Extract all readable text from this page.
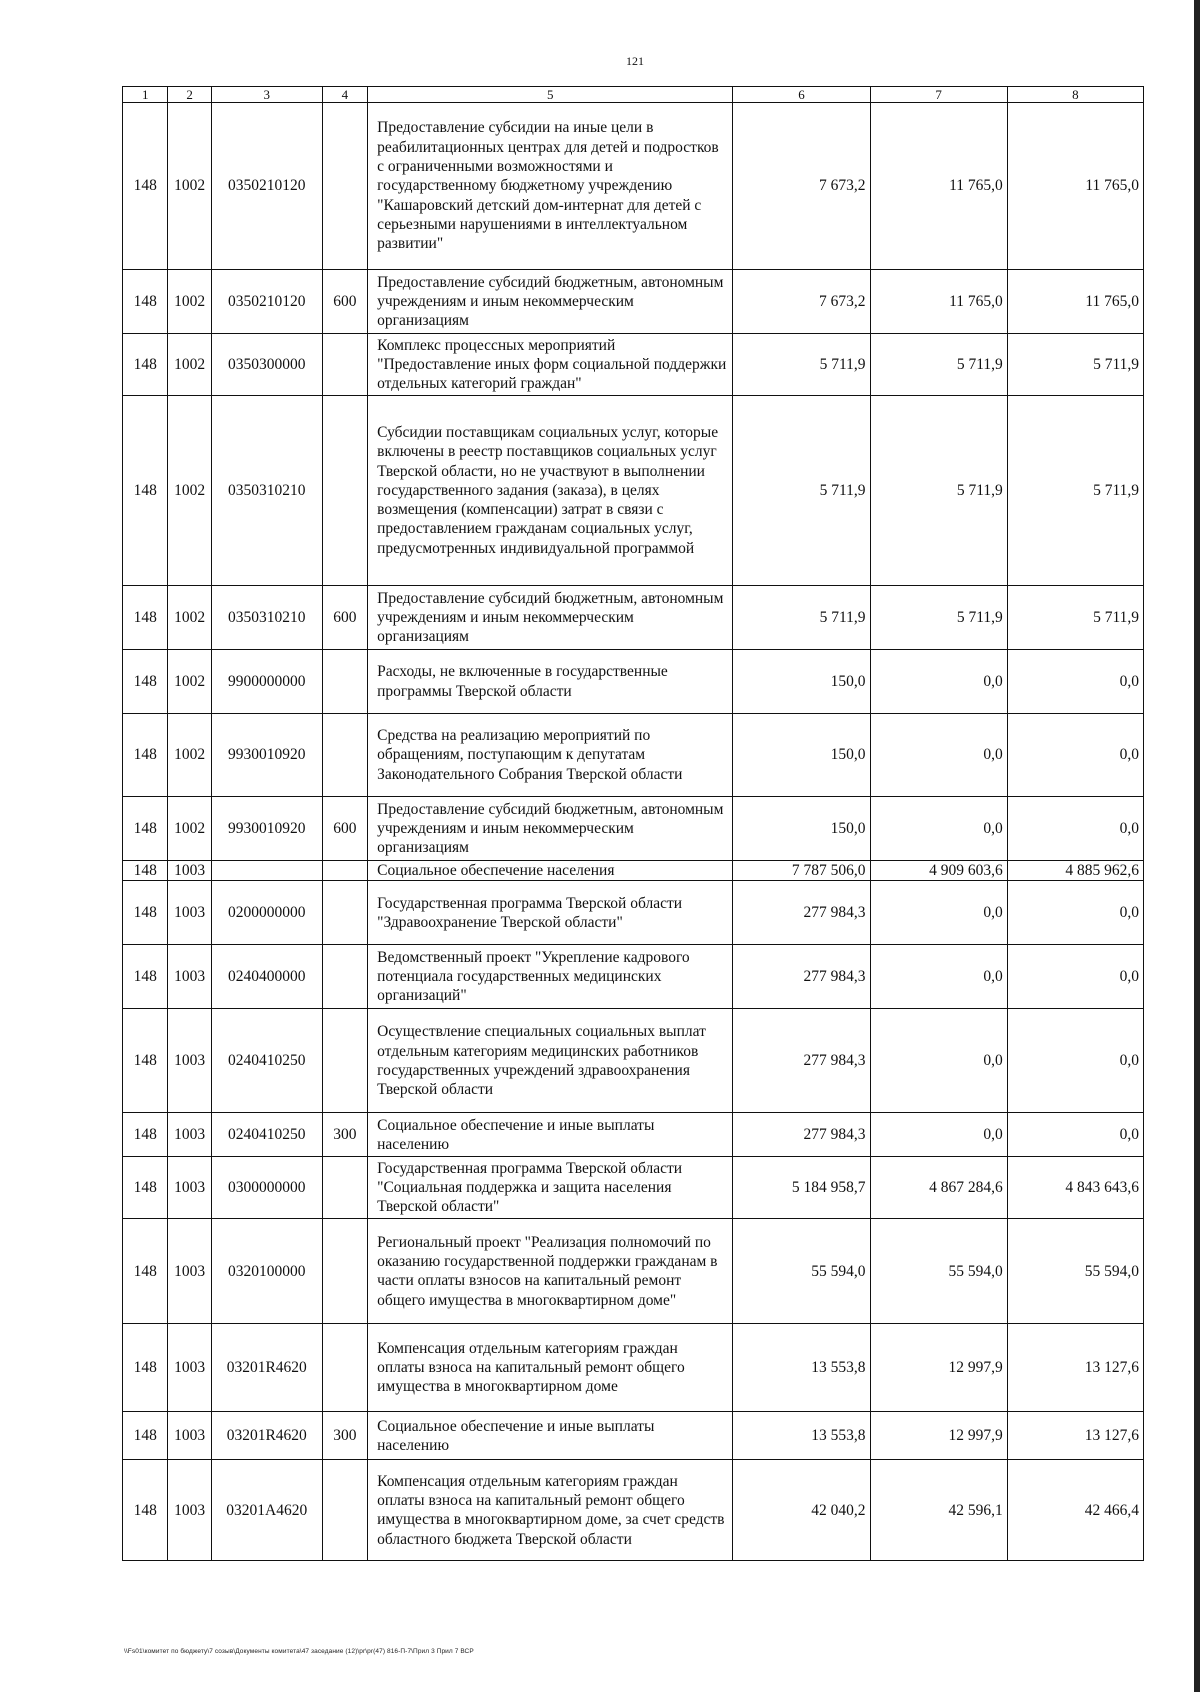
121
1	2	3	4	5	6	7	8
148	1002	0350210120		Предоставление субсидии на иные цели в реабилитационных центрах для детей и подростков с ограниченными возможностями и государственному бюджетному учреждению "Кашаровский детский дом-интернат для детей с серьезными нарушениями в интеллектуальном развитии"	7 673,2	11 765,0	11 765,0
148	1002	0350210120	600	Предоставление субсидий бюджетным, автономным учреждениям и иным некоммерческим организациям	7 673,2	11 765,0	11 765,0
148	1002	0350300000		Комплекс процессных мероприятий "Предоставление иных форм социальной поддержки отдельных категорий граждан"	5 711,9	5 711,9	5 711,9
148	1002	0350310210		Субсидии поставщикам социальных услуг, которые включены в реестр поставщиков социальных услуг Тверской области, но не участвуют в выполнении государственного задания (заказа), в целях возмещения (компенсации) затрат в связи с предоставлением гражданам социальных услуг, предусмотренных индивидуальной программой	5 711,9	5 711,9	5 711,9
148	1002	0350310210	600	Предоставление субсидий бюджетным, автономным учреждениям и иным некоммерческим организациям	5 711,9	5 711,9	5 711,9
148	1002	9900000000		Расходы, не включенные в государственные программы Тверской области	150,0	0,0	0,0
148	1002	9930010920		Средства на реализацию мероприятий по обращениям, поступающим к депутатам Законодательного Собрания Тверской области	150,0	0,0	0,0
148	1002	9930010920	600	Предоставление субсидий бюджетным, автономным учреждениям и иным некоммерческим организациям	150,0	0,0	0,0
148	1003			Социальное обеспечение населения	7 787 506,0	4 909 603,6	4 885 962,6
148	1003	0200000000		Государственная программа Тверской области "Здравоохранение Тверской области"	277 984,3	0,0	0,0
148	1003	0240400000		Ведомственный проект "Укрепление кадрового потенциала государственных медицинских организаций"	277 984,3	0,0	0,0
148	1003	0240410250		Осуществление специальных социальных выплат отдельным категориям медицинских работников государственных учреждений здравоохранения Тверской области	277 984,3	0,0	0,0
148	1003	0240410250	300	Социальное обеспечение и иные выплаты населению	277 984,3	0,0	0,0
148	1003	0300000000		Государственная программа Тверской области "Социальная поддержка и защита населения Тверской области"	5 184 958,7	4 867 284,6	4 843 643,6
148	1003	0320100000		Региональный проект "Реализация полномочий по оказанию государственной поддержки гражданам в части оплаты взносов на капитальный ремонт общего имущества в многоквартирном доме"	55 594,0	55 594,0	55 594,0
148	1003	03201R4620		Компенсация отдельным категориям граждан оплаты взноса на капитальный ремонт общего имущества в многоквартирном доме	13 553,8	12 997,9	13 127,6
148	1003	03201R4620	300	Социальное обеспечение и иные выплаты населению	13 553,8	12 997,9	13 127,6
148	1003	03201A4620		Компенсация отдельным категориям граждан оплаты взноса на капитальный ремонт общего имущества в многоквартирном доме, за счет средств областного бюджета Тверской области	42 040,2	42 596,1	42 466,4
\\Fs01\комитет по бюджету\7 созыв\Документы комитета\47 заседание (12)\pr\pr(47) 816-П-7\Прил 3 Прил 7 ВСР
